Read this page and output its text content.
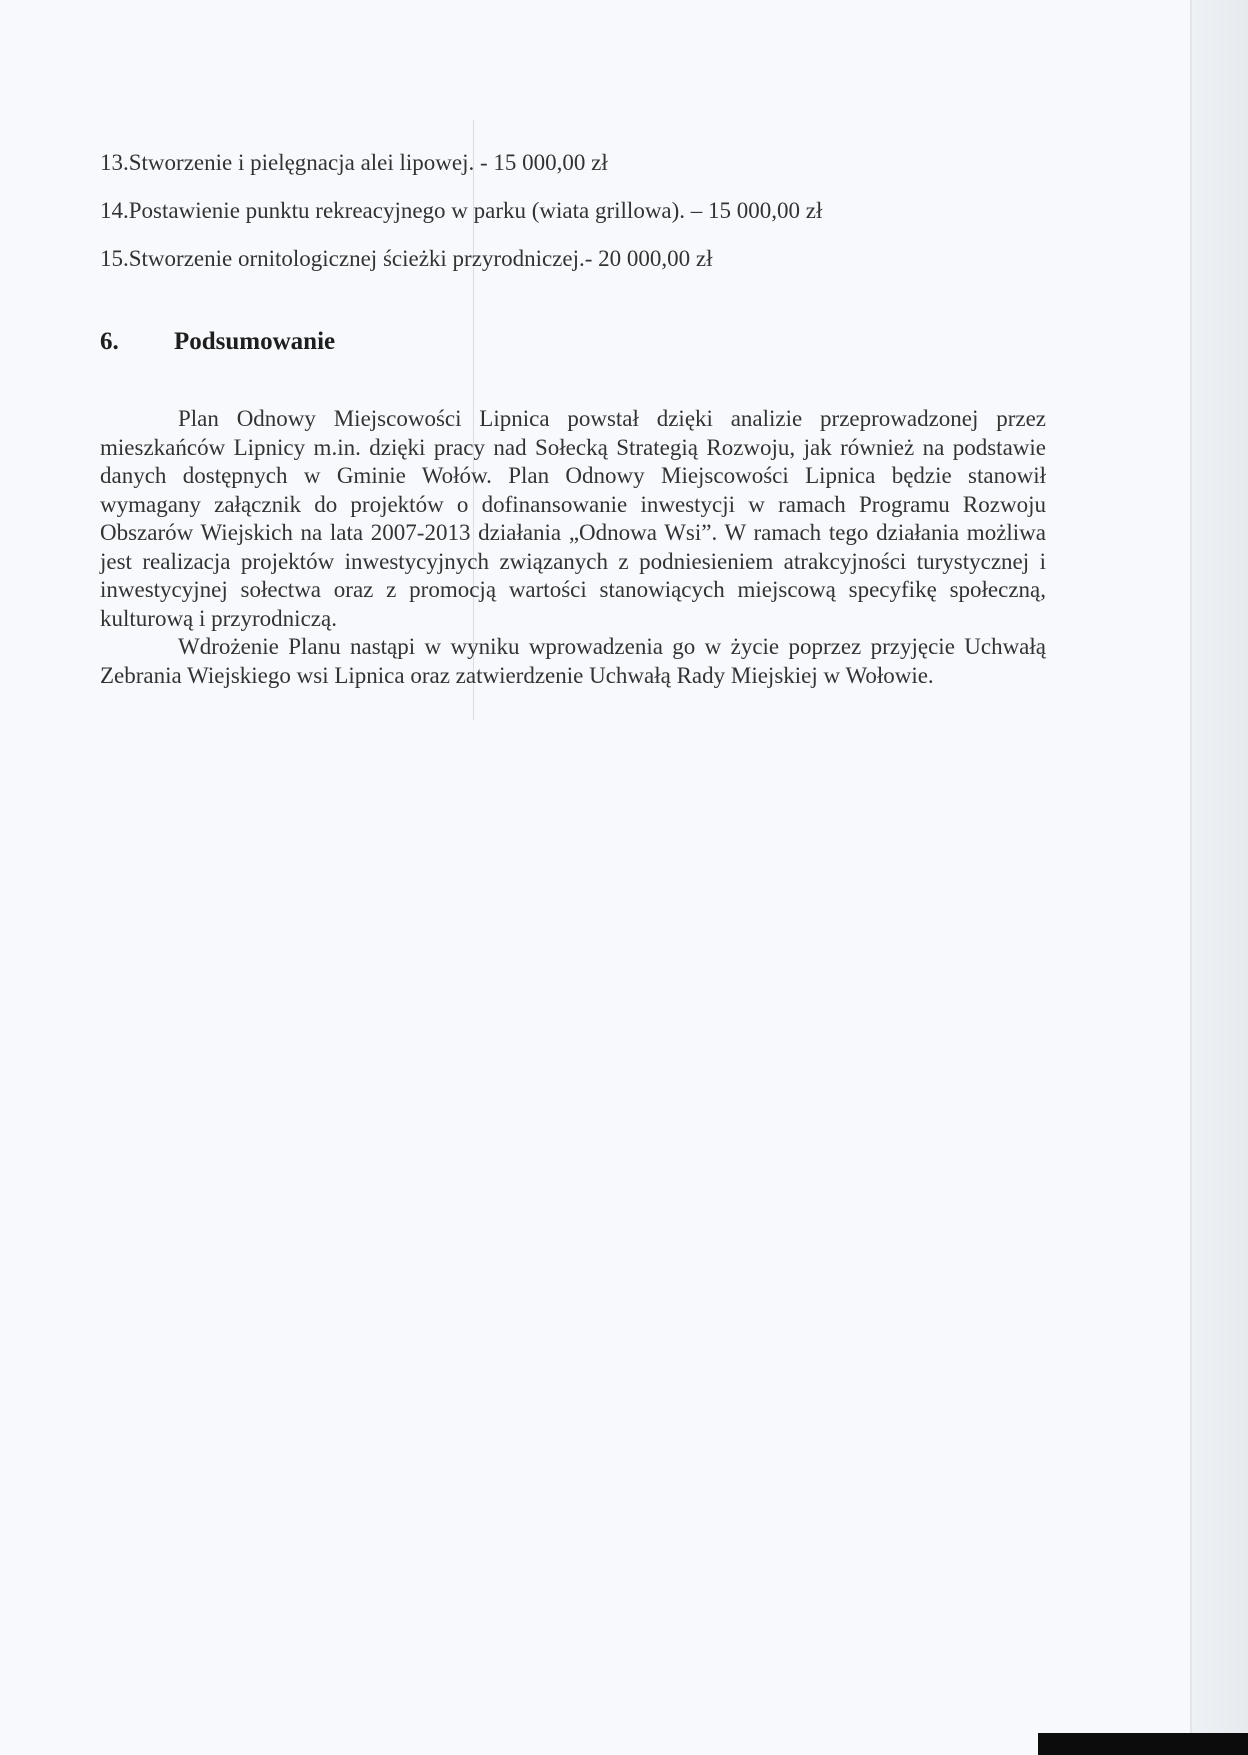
13.Stworzenie i pielęgnacja alei lipowej. - 15 000,00 zł
14.Postawienie punktu rekreacyjnego w parku (wiata grillowa). – 15 000,00 zł
15.Stworzenie ornitologicznej ścieżki przyrodniczej.- 20 000,00 zł
6. Podsumowanie

Plan Odnowy Miejscowości Lipnica powstał dzięki analizie przeprowadzonej przez mieszkańców Lipnicy m.in. dzięki pracy nad Sołecką Strategią Rozwoju, jak również na podstawie danych dostępnych w Gminie Wołów. Plan Odnowy Miejscowości Lipnica będzie stanowił wymagany załącznik do projektów o dofinansowanie inwestycji w ramach Programu Rozwoju Obszarów Wiejskich na lata 2007-2013 działania „Odnowa Wsi”. W ramach tego działania możliwa jest realizacja projektów inwestycyjnych związanych z podniesieniem atrakcyjności turystycznej i inwestycyjnej sołectwa oraz z promocją wartości stanowiących miejscową specyfikę społeczną, kulturową i przyrodniczą.

Wdrożenie Planu nastąpi w wyniku wprowadzenia go w życie poprzez przyjęcie Uchwałą Zebrania Wiejskiego wsi Lipnica oraz zatwierdzenie Uchwałą Rady Miejskiej w Wołowie.
